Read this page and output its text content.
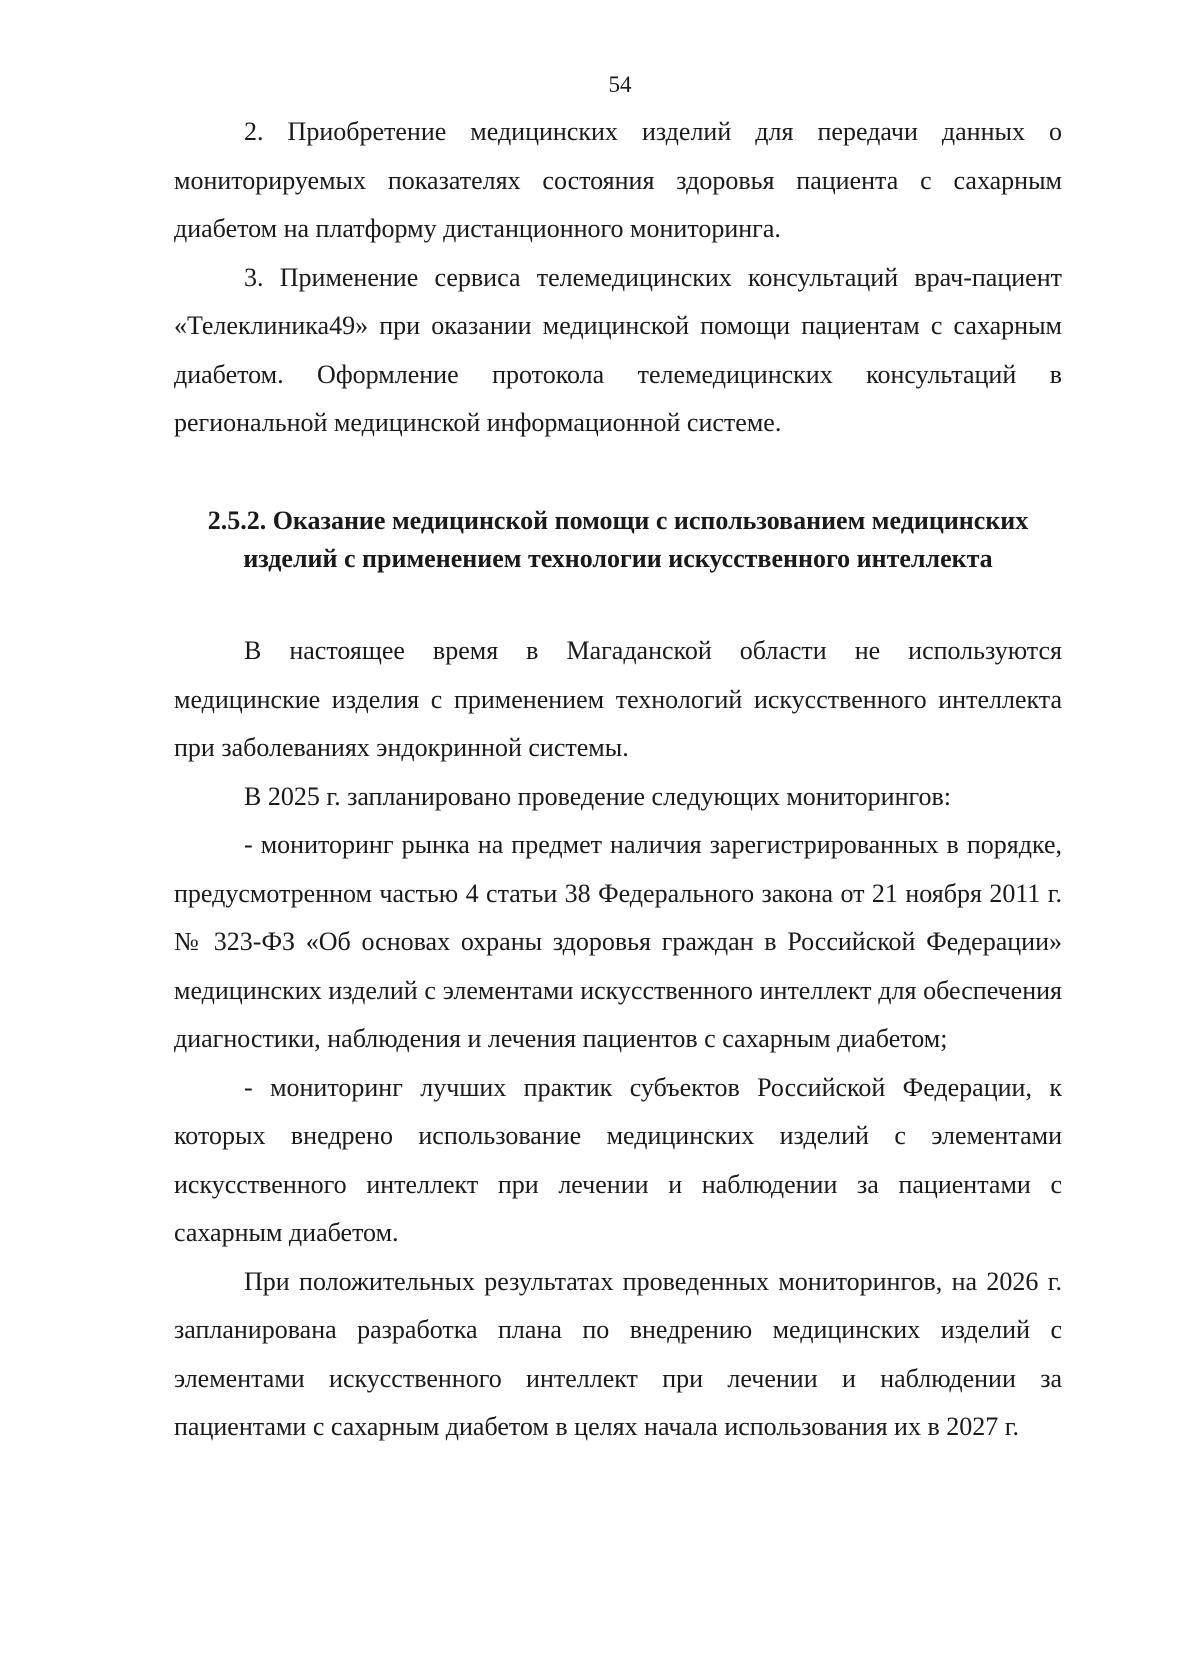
54

2. Приобретение медицинских изделий для передачи данных о мониторируемых показателях состояния здоровья пациента с сахарным диабетом на платформу дистанционного мониторинга.

3. Применение сервиса телемедицинских консультаций врач-пациент «Телеклиника49» при оказании медицинской помощи пациентам с сахарным диабетом. Оформление протокола телемедицинских консультаций в региональной медицинской информационной системе.

2.5.2. Оказание медицинской помощи с использованием медицинских
изделий с применением технологии искусственного интеллекта

В настоящее время в Магаданской области не используются медицинские изделия с применением технологий искусственного интеллекта при заболеваниях эндокринной системы.

В 2025 г. запланировано проведение следующих мониторингов:

- мониторинг рынка на предмет наличия зарегистрированных в порядке, предусмотренном частью 4 статьи 38 Федерального закона от 21 ноября 2011 г. № 323-ФЗ «Об основах охраны здоровья граждан в Российской Федерации» медицинских изделий с элементами искусственного интеллект для обеспечения диагностики, наблюдения и лечения пациентов с сахарным диабетом;

- мониторинг лучших практик субъектов Российской Федерации, к которых внедрено использование медицинских изделий с элементами искусственного интеллект при лечении и наблюдении за пациентами с сахарным диабетом.

При положительных результатах проведенных мониторингов, на 2026 г. запланирована разработка плана по внедрению медицинских изделий с элементами искусственного интеллект при лечении и наблюдении за пациентами с сахарным диабетом в целях начала использования их в 2027 г.
